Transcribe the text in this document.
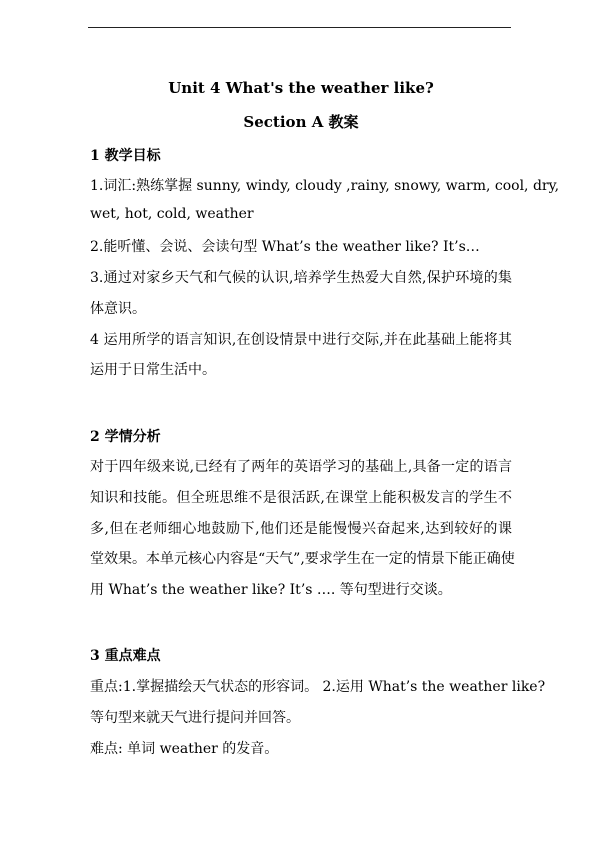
Unit 4 What's the weather like?
Section A 教案
1 教学目标
1.词汇:熟练掌握 sunny, windy, cloudy ,rainy, snowy, warm, cool, dry,
wet, hot, cold, weather
2.能听懂、会说、会读句型 What’s the weather like? It’s…
3.通过对家乡天气和气候的认识,培养学生热爱大自然,保护环境的集
体意识。
4 运用所学的语言知识,在创设情景中进行交际,并在此基础上能将其
运用于日常生活中。
2 学情分析
对于四年级来说,已经有了两年的英语学习的基础上,具备一定的语言
知识和技能。但全班思维不是很活跃,在课堂上能积极发言的学生不
多,但在老师细心地鼓励下,他们还是能慢慢兴奋起来,达到较好的课
堂效果。本单元核心内容是“天气”,要求学生在一定的情景下能正确使
用 What’s the weather like? It’s …. 等句型进行交谈。
3 重点难点
重点:1.掌握描绘天气状态的形容词。 2.运用 What’s the weather like?
等句型来就天气进行提问并回答。
难点: 单词 weather 的发音。
